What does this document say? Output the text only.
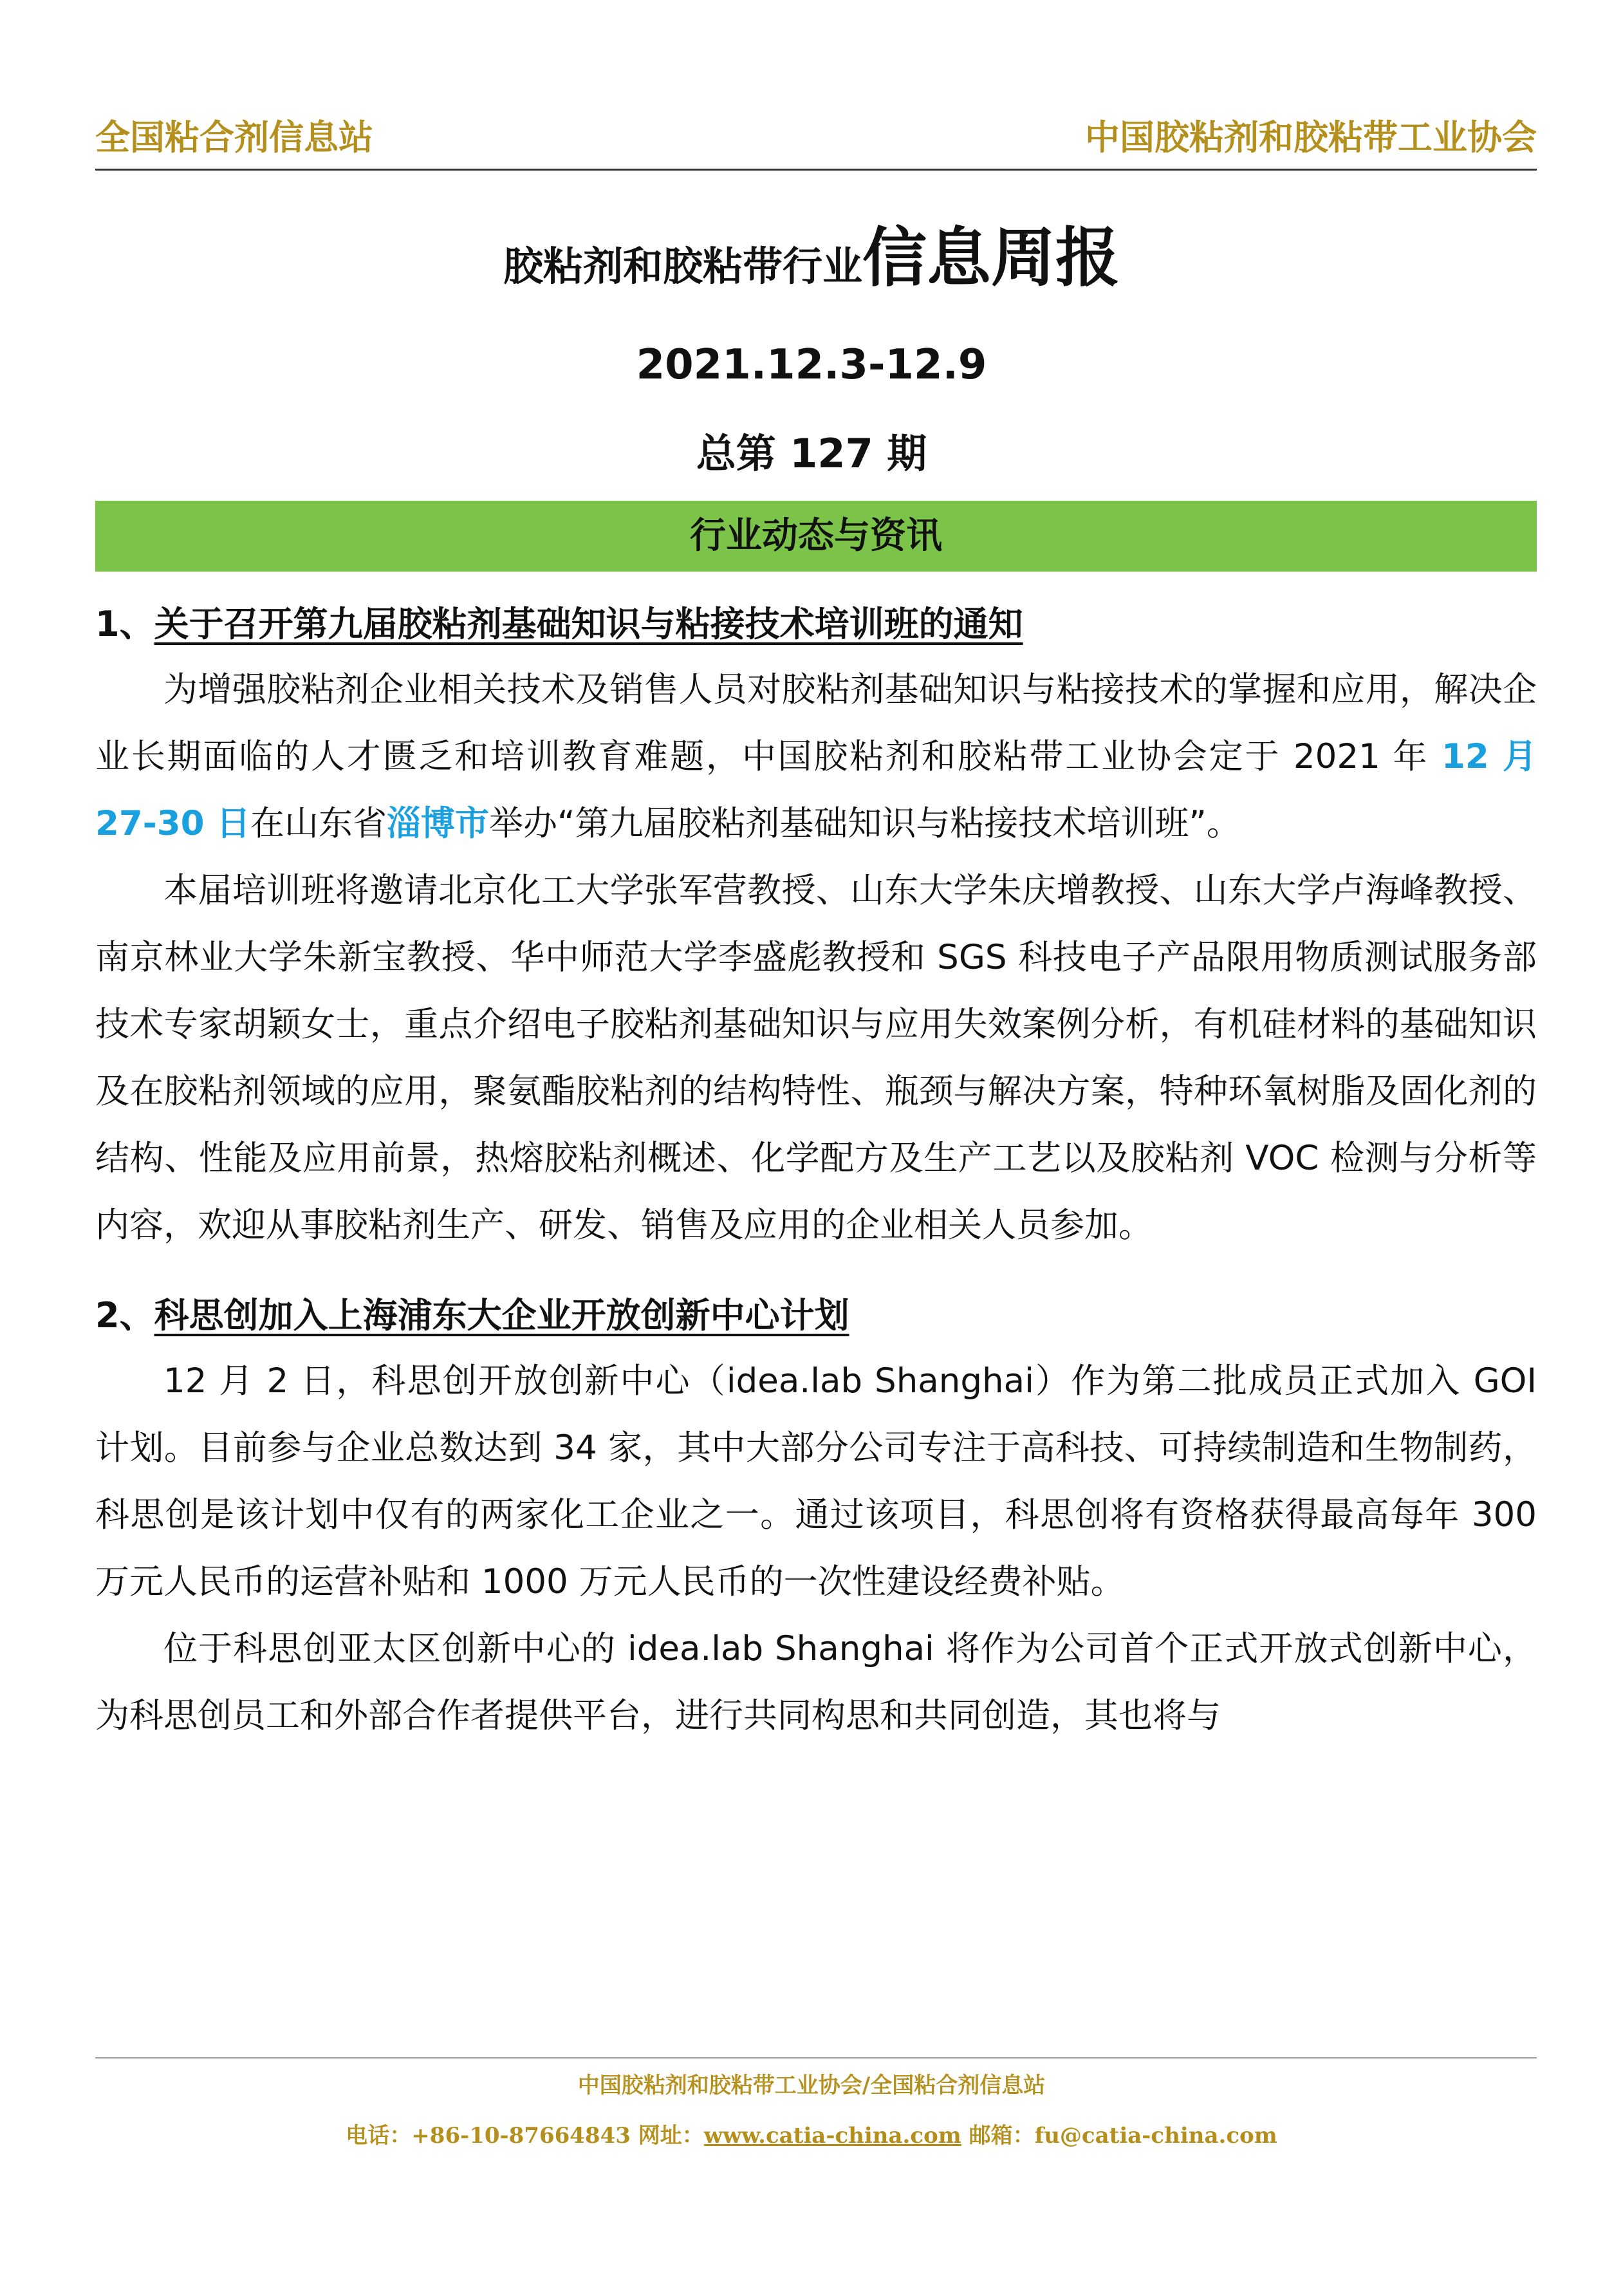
全国粘合剂信息站	中国胶粘剂和胶粘带工业协会
胶粘剂和胶粘带行业信息周报
2021.12.3-12.9
总第 127 期
行业动态与资讯
1、关于召开第九届胶粘剂基础知识与粘接技术培训班的通知

为增强胶粘剂企业相关技术及销售人员对胶粘剂基础知识与粘接技术的掌握和应用，解决企业长期面临的人才匮乏和培训教育难题，中国胶粘剂和胶粘带工业协会定于 2021 年 12 月 27-30 日在山东省淄博市举办“第九届胶粘剂基础知识与粘接技术培训班”。

本届培训班将邀请北京化工大学张军营教授、山东大学朱庆增教授、山东大学卢海峰教授、南京林业大学朱新宝教授、华中师范大学李盛彪教授和 SGS 科技电子产品限用物质测试服务部技术专家胡颖女士，重点介绍电子胶粘剂基础知识与应用失效案例分析，有机硅材料的基础知识及在胶粘剂领域的应用，聚氨酯胶粘剂的结构特性、瓶颈与解决方案，特种环氧树脂及固化剂的结构、性能及应用前景，热熔胶粘剂概述、化学配方及生产工艺以及胶粘剂 VOC 检测与分析等内容，欢迎从事胶粘剂生产、研发、销售及应用的企业相关人员参加。

2、科思创加入上海浦东大企业开放创新中心计划

12 月 2 日，科思创开放创新中心（idea.lab Shanghai）作为第二批成员正式加入 GOI 计划。目前参与企业总数达到 34 家，其中大部分公司专注于高科技、可持续制造和生物制药，科思创是该计划中仅有的两家化工企业之一。通过该项目，科思创将有资格获得最高每年 300 万元人民币的运营补贴和 1000 万元人民币的一次性建设经费补贴。

位于科思创亚太区创新中心的 idea.lab Shanghai 将作为公司首个正式开放式创新中心，为科思创员工和外部合作者提供平台，进行共同构思和共同创造，其也将与

中国胶粘剂和胶粘带工业协会/全国粘合剂信息站
电话：+86-10-87664843 网址：www.catia-china.com 邮箱：fu@catia-china.com
